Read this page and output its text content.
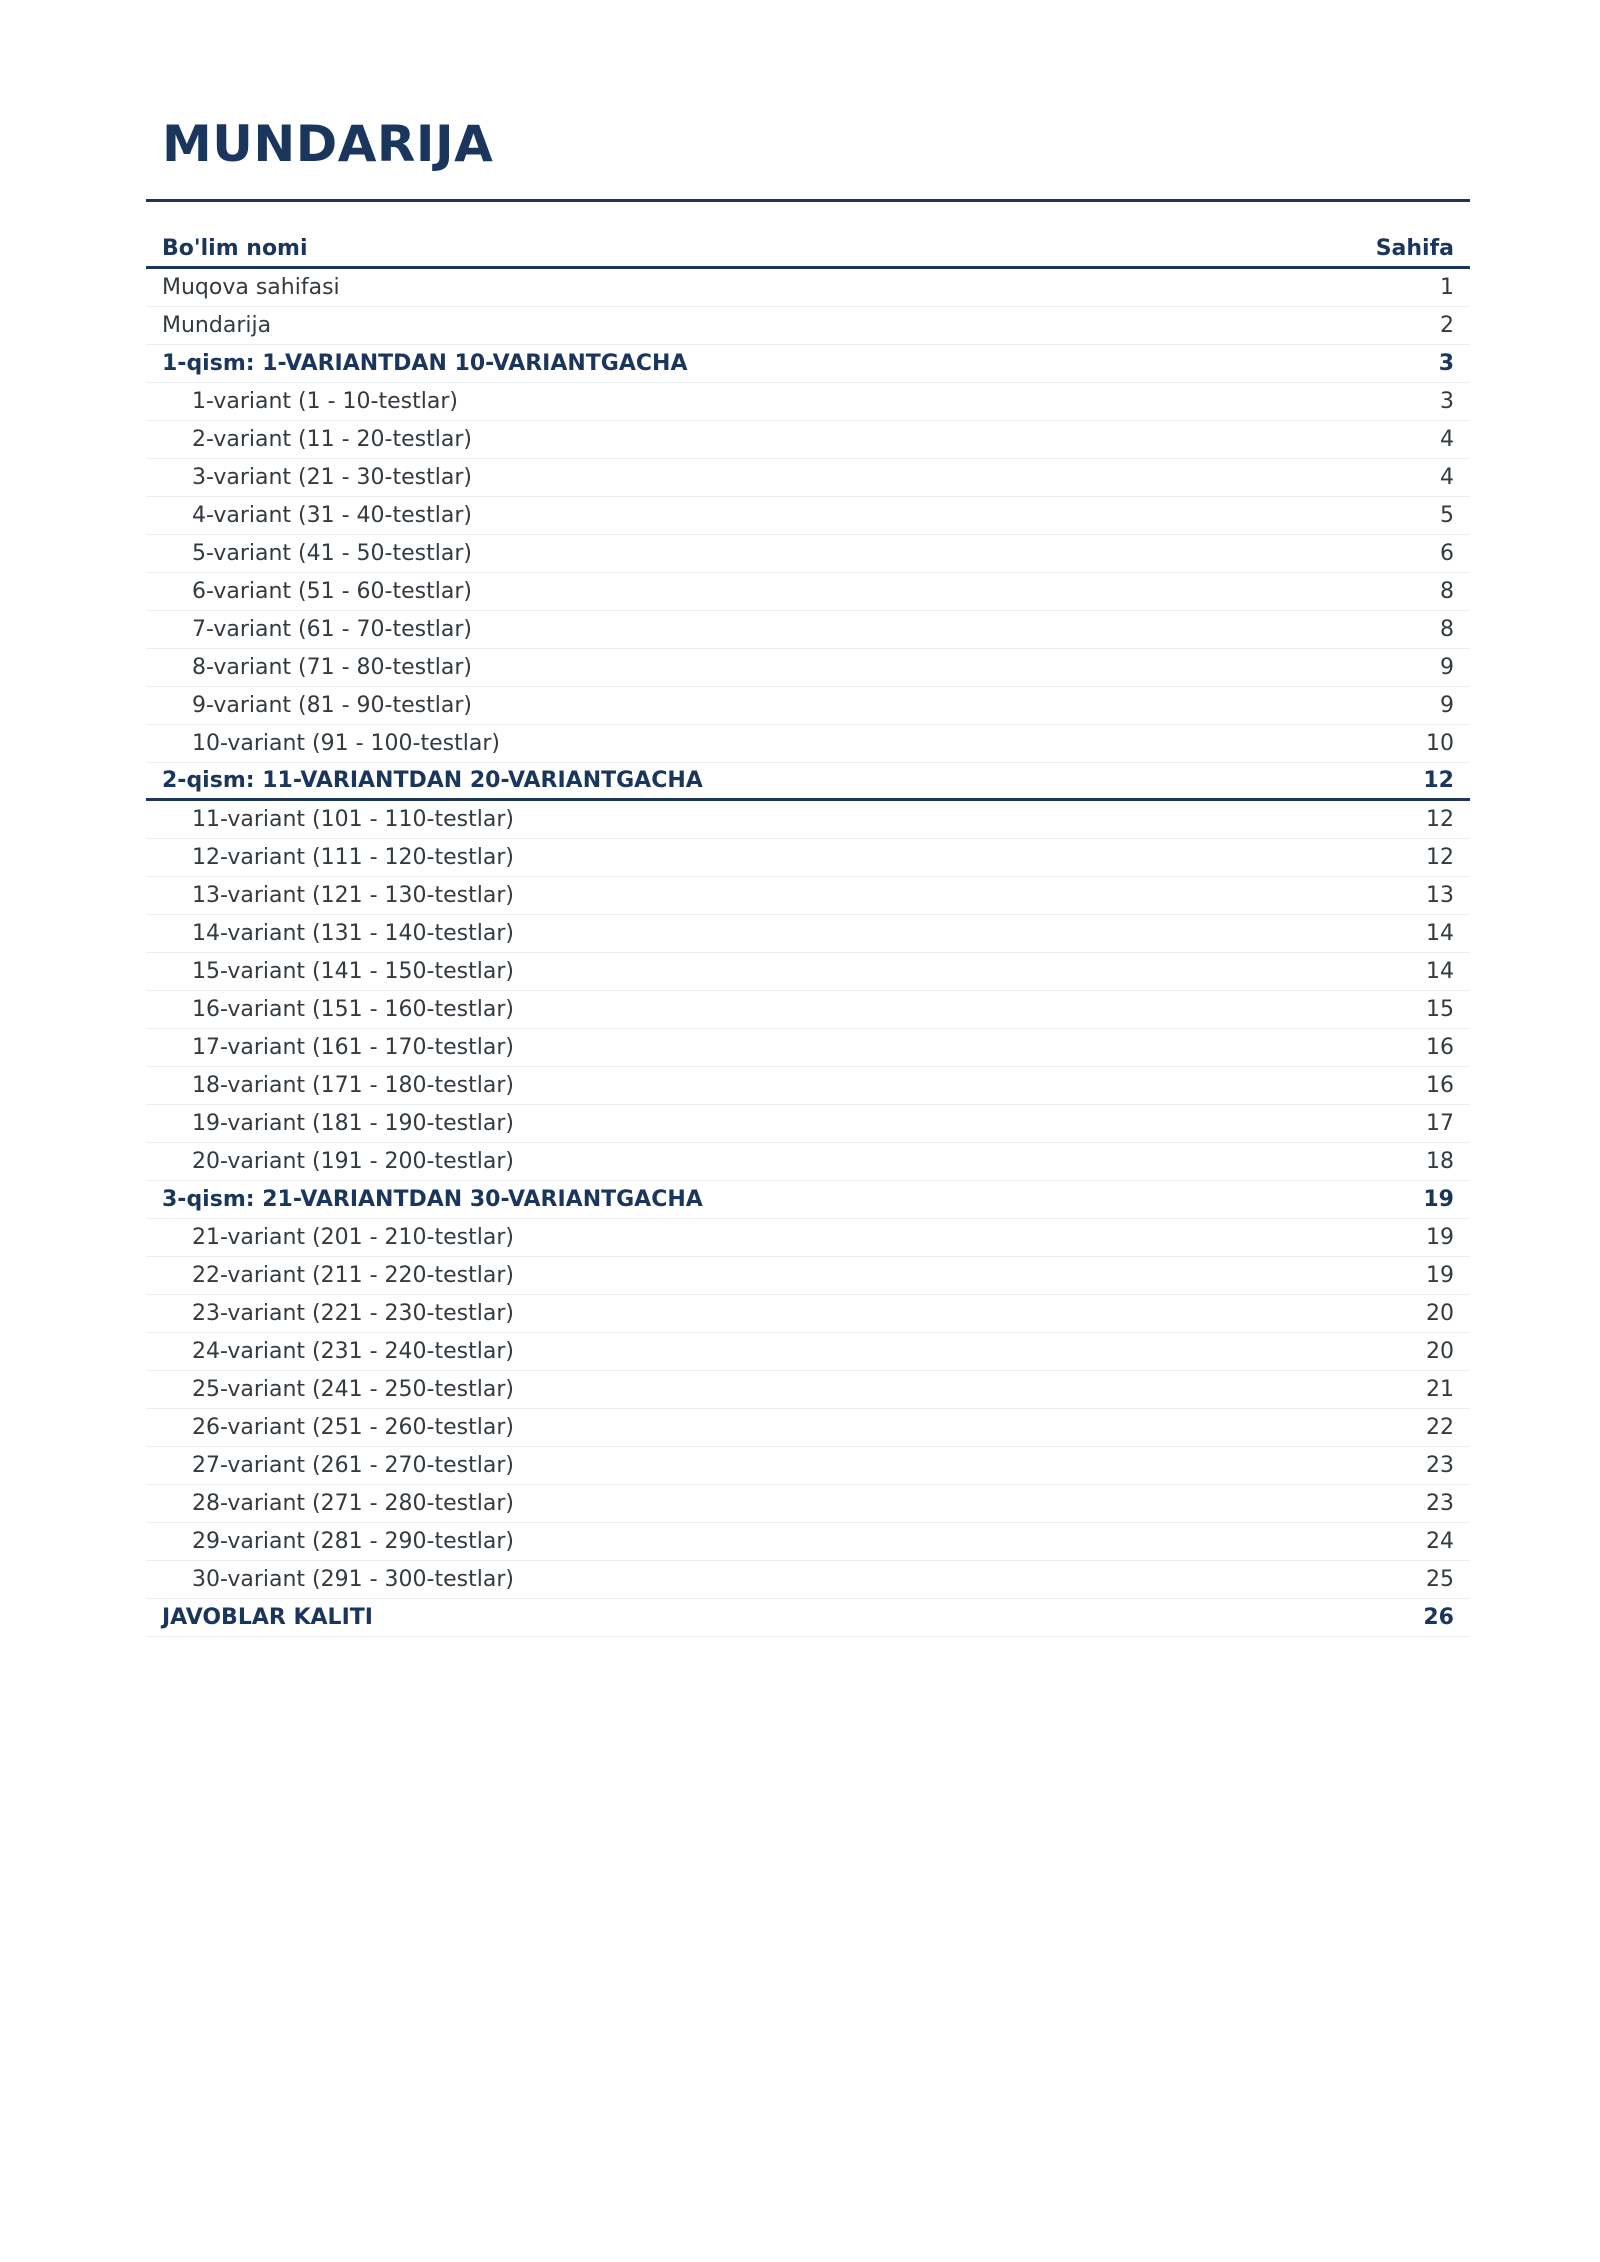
MUNDARIJA
Bo'lim nomi	Sahifa
Muqova sahifasi	1
Mundarija	2
1-qism: 1-VARIANTDAN 10-VARIANTGACHA	3
1-variant (1 - 10-testlar)	3
2-variant (11 - 20-testlar)	4
3-variant (21 - 30-testlar)	4
4-variant (31 - 40-testlar)	5
5-variant (41 - 50-testlar)	6
6-variant (51 - 60-testlar)	8
7-variant (61 - 70-testlar)	8
8-variant (71 - 80-testlar)	9
9-variant (81 - 90-testlar)	9
10-variant (91 - 100-testlar)	10
2-qism: 11-VARIANTDAN 20-VARIANTGACHA	12
11-variant (101 - 110-testlar)	12
12-variant (111 - 120-testlar)	12
13-variant (121 - 130-testlar)	13
14-variant (131 - 140-testlar)	14
15-variant (141 - 150-testlar)	14
16-variant (151 - 160-testlar)	15
17-variant (161 - 170-testlar)	16
18-variant (171 - 180-testlar)	16
19-variant (181 - 190-testlar)	17
20-variant (191 - 200-testlar)	18
3-qism: 21-VARIANTDAN 30-VARIANTGACHA	19
21-variant (201 - 210-testlar)	19
22-variant (211 - 220-testlar)	19
23-variant (221 - 230-testlar)	20
24-variant (231 - 240-testlar)	20
25-variant (241 - 250-testlar)	21
26-variant (251 - 260-testlar)	22
27-variant (261 - 270-testlar)	23
28-variant (271 - 280-testlar)	23
29-variant (281 - 290-testlar)	24
30-variant (291 - 300-testlar)	25
JAVOBLAR KALITI	26
